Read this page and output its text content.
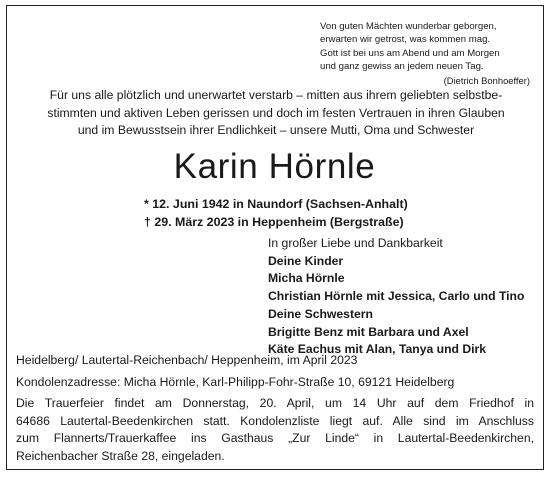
Von guten Mächten wunderbar geborgen,
erwarten wir getrost, was kommen mag.
Gott ist bei uns am Abend und am Morgen
und ganz gewiss an jedem neuen Tag.
(Dietrich Bonhoeffer)
Für uns alle plötzlich und unerwartet verstarb – mitten aus ihrem geliebten selbstbe-
stimmten und aktiven Leben gerissen und doch im festen Vertrauen in ihren Glauben
und im Bewusstsein ihrer Endlichkeit – unsere Mutti, Oma und Schwester
Karin Hörnle
* 12. Juni 1942 in Naundorf (Sachsen-Anhalt)
† 29. März 2023 in Heppenheim (Bergstraße)
In großer Liebe und Dankbarkeit
Deine Kinder
Micha Hörnle
Christian Hörnle mit Jessica, Carlo und Tino
Deine Schwestern
Brigitte Benz mit Barbara und Axel
Käte Eachus mit Alan, Tanya und Dirk
Heidelberg/ Lautertal-Reichenbach/ Heppenheim, im April 2023
Kondolenzadresse: Micha Hörnle, Karl-Philipp-Fohr-Straße 10, 69121 Heidelberg
Die Trauerfeier findet am Donnerstag, 20. April, um 14 Uhr auf dem Friedhof in
64686 Lautertal-Beedenkirchen statt. Kondolenzliste liegt auf. Alle sind im Anschluss
zum Flannerts/Trauerkaffee ins Gasthaus „Zur Linde“ in Lautertal-Beedenkirchen,
Reichenbacher Straße 28, eingeladen.
